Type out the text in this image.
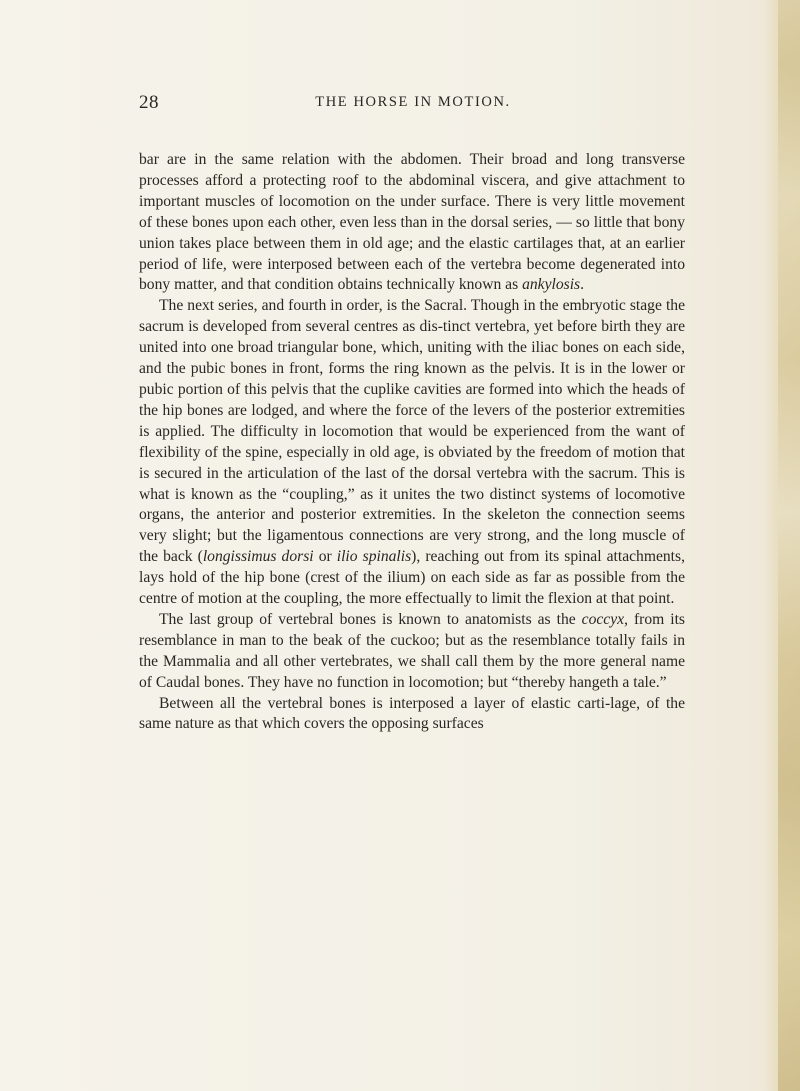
28	THE HORSE IN MOTION.

bar are in the same relation with the abdomen. Their broad and long transverse processes afford a protecting roof to the abdominal viscera, and give attachment to important muscles of locomotion on the under surface. There is very little movement of these bones upon each other, even less than in the dorsal series, — so little that bony union takes place between them in old age; and the elastic cartilages that, at an earlier period of life, were interposed between each of the vertebra become degenerated into bony matter, and that condition obtains technically known as ankylosis.

The next series, and fourth in order, is the Sacral. Though in the embryotic stage the sacrum is developed from several centres as dis-tinct vertebra, yet before birth they are united into one broad triangular bone, which, uniting with the iliac bones on each side, and the pubic bones in front, forms the ring known as the pelvis. It is in the lower or pubic portion of this pelvis that the cuplike cavities are formed into which the heads of the hip bones are lodged, and where the force of the levers of the posterior extremities is applied. The difficulty in locomotion that would be experienced from the want of flexibility of the spine, especially in old age, is obviated by the freedom of motion that is secured in the articulation of the last of the dorsal vertebra with the sacrum. This is what is known as the “coupling,” as it unites the two distinct systems of locomotive organs, the anterior and posterior extremities. In the skeleton the connection seems very slight; but the ligamentous connections are very strong, and the long muscle of the back (longissimus dorsi or ilio spinalis), reaching out from its spinal attachments, lays hold of the hip bone (crest of the ilium) on each side as far as possible from the centre of motion at the coupling, the more effectually to limit the flexion at that point.

The last group of vertebral bones is known to anatomists as the coccyx, from its resemblance in man to the beak of the cuckoo; but as the resemblance totally fails in the Mammalia and all other vertebrates, we shall call them by the more general name of Caudal bones. They have no function in locomotion; but “thereby hangeth a tale.”

Between all the vertebral bones is interposed a layer of elastic carti-lage, of the same nature as that which covers the opposing surfaces
